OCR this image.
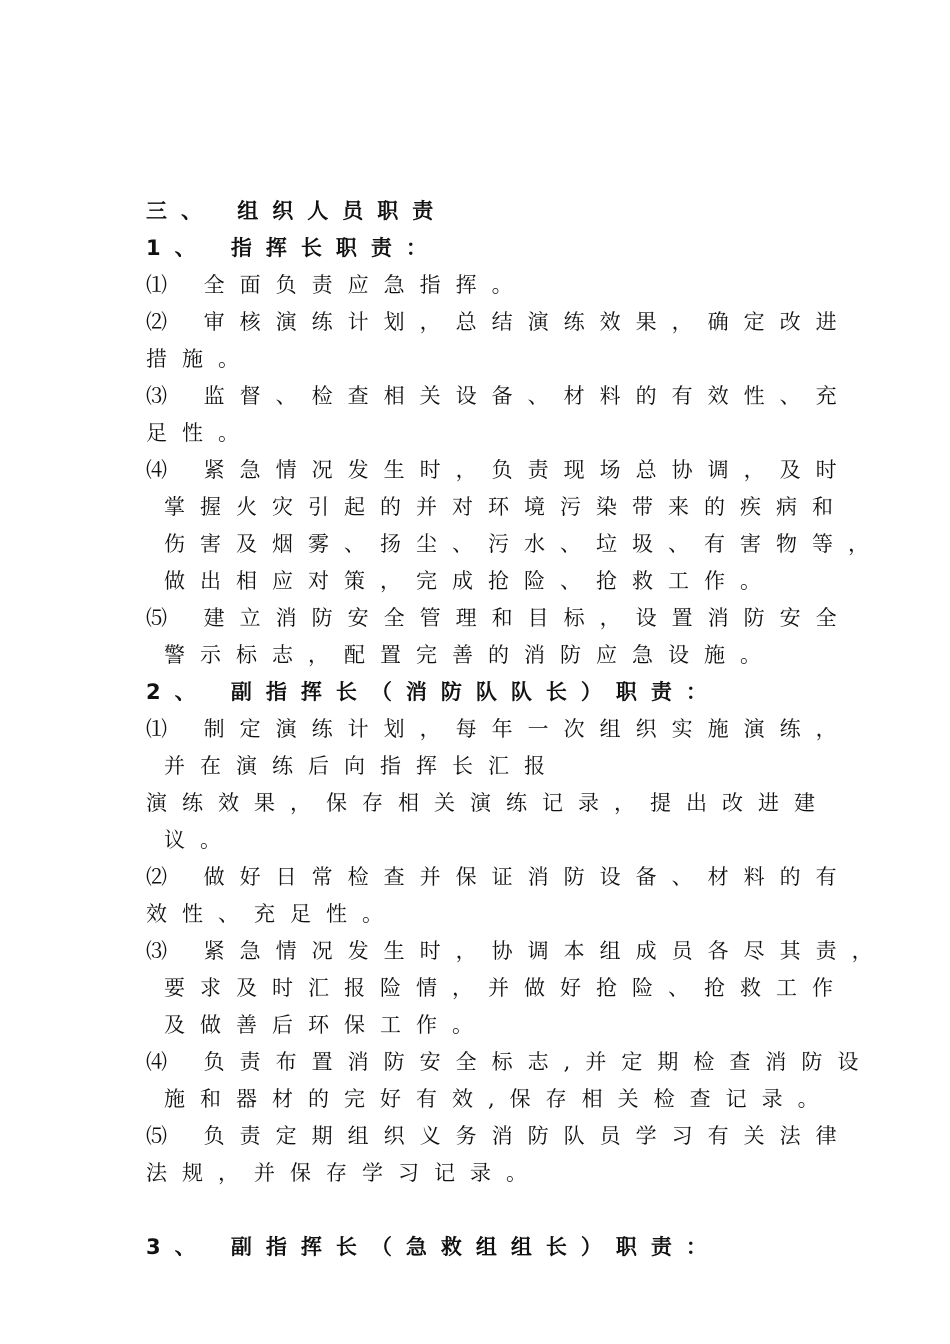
三、 组织人员职责
1、 指挥长职责：
⑴ 全面负责应急指挥。
⑵ 审核演练计划，总结演练效果，确定改进
措施。
⑶ 监督、检查相关设备、材料的有效性、充
足性。
⑷ 紧急情况发生时，负责现场总协调，及时
掌握火灾引起的并对环境污染带来的疾病和
伤害及烟雾、扬尘、污水、垃圾、有害物等，
做出相应对策，完成抢险、抢救工作。
⑸ 建立消防安全管理和目标，设置消防安全
警示标志，配置完善的消防应急设施。
2、 副指挥长（消防队队长）职责：
⑴ 制定演练计划，每年一次组织实施演练，
并在演练后向指挥长汇报
演练效果，保存相关演练记录，提出改进建
议。
⑵ 做好日常检查并保证消防设备、材料的有
效性、充足性。
⑶ 紧急情况发生时，协调本组成员各尽其责，
要求及时汇报险情，并做好抢险、抢救工作
及做善后环保工作。
⑷ 负责布置消防安全标志,并定期检查消防设
施和器材的完好有效,保存相关检查记录。
⑸ 负责定期组织义务消防队员学习有关法律
法规，并保存学习记录。
3、 副指挥长（急救组组长）职责：
